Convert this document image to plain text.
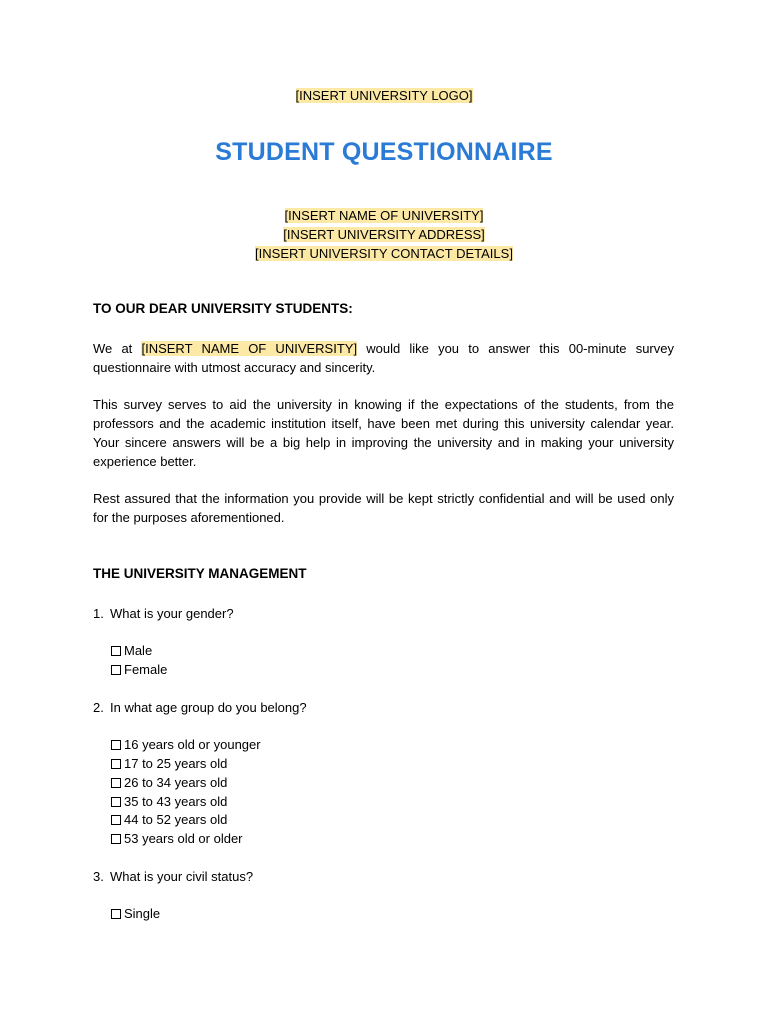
[INSERT UNIVERSITY LOGO]
STUDENT QUESTIONNAIRE
[INSERT NAME OF UNIVERSITY]
[INSERT UNIVERSITY ADDRESS]
[INSERT UNIVERSITY CONTACT DETAILS]
TO OUR DEAR UNIVERSITY STUDENTS:

We at [INSERT NAME OF UNIVERSITY] would like you to answer this 00-minute survey questionnaire with utmost accuracy and sincerity.

This survey serves to aid the university in knowing if the expectations of the students, from the professors and the academic institution itself, have been met during this university calendar year. Your sincere answers will be a big help in improving the university and in making your university experience better.

Rest assured that the information you provide will be kept strictly confidential and will be used only for the purposes aforementioned.

THE UNIVERSITY MANAGEMENT
1. What is your gender?
Male
Female
2. In what age group do you belong?
16 years old or younger
17 to 25 years old
26 to 34 years old
35 to 43 years old
44 to 52 years old
53 years old or older
3. What is your civil status?
Single
